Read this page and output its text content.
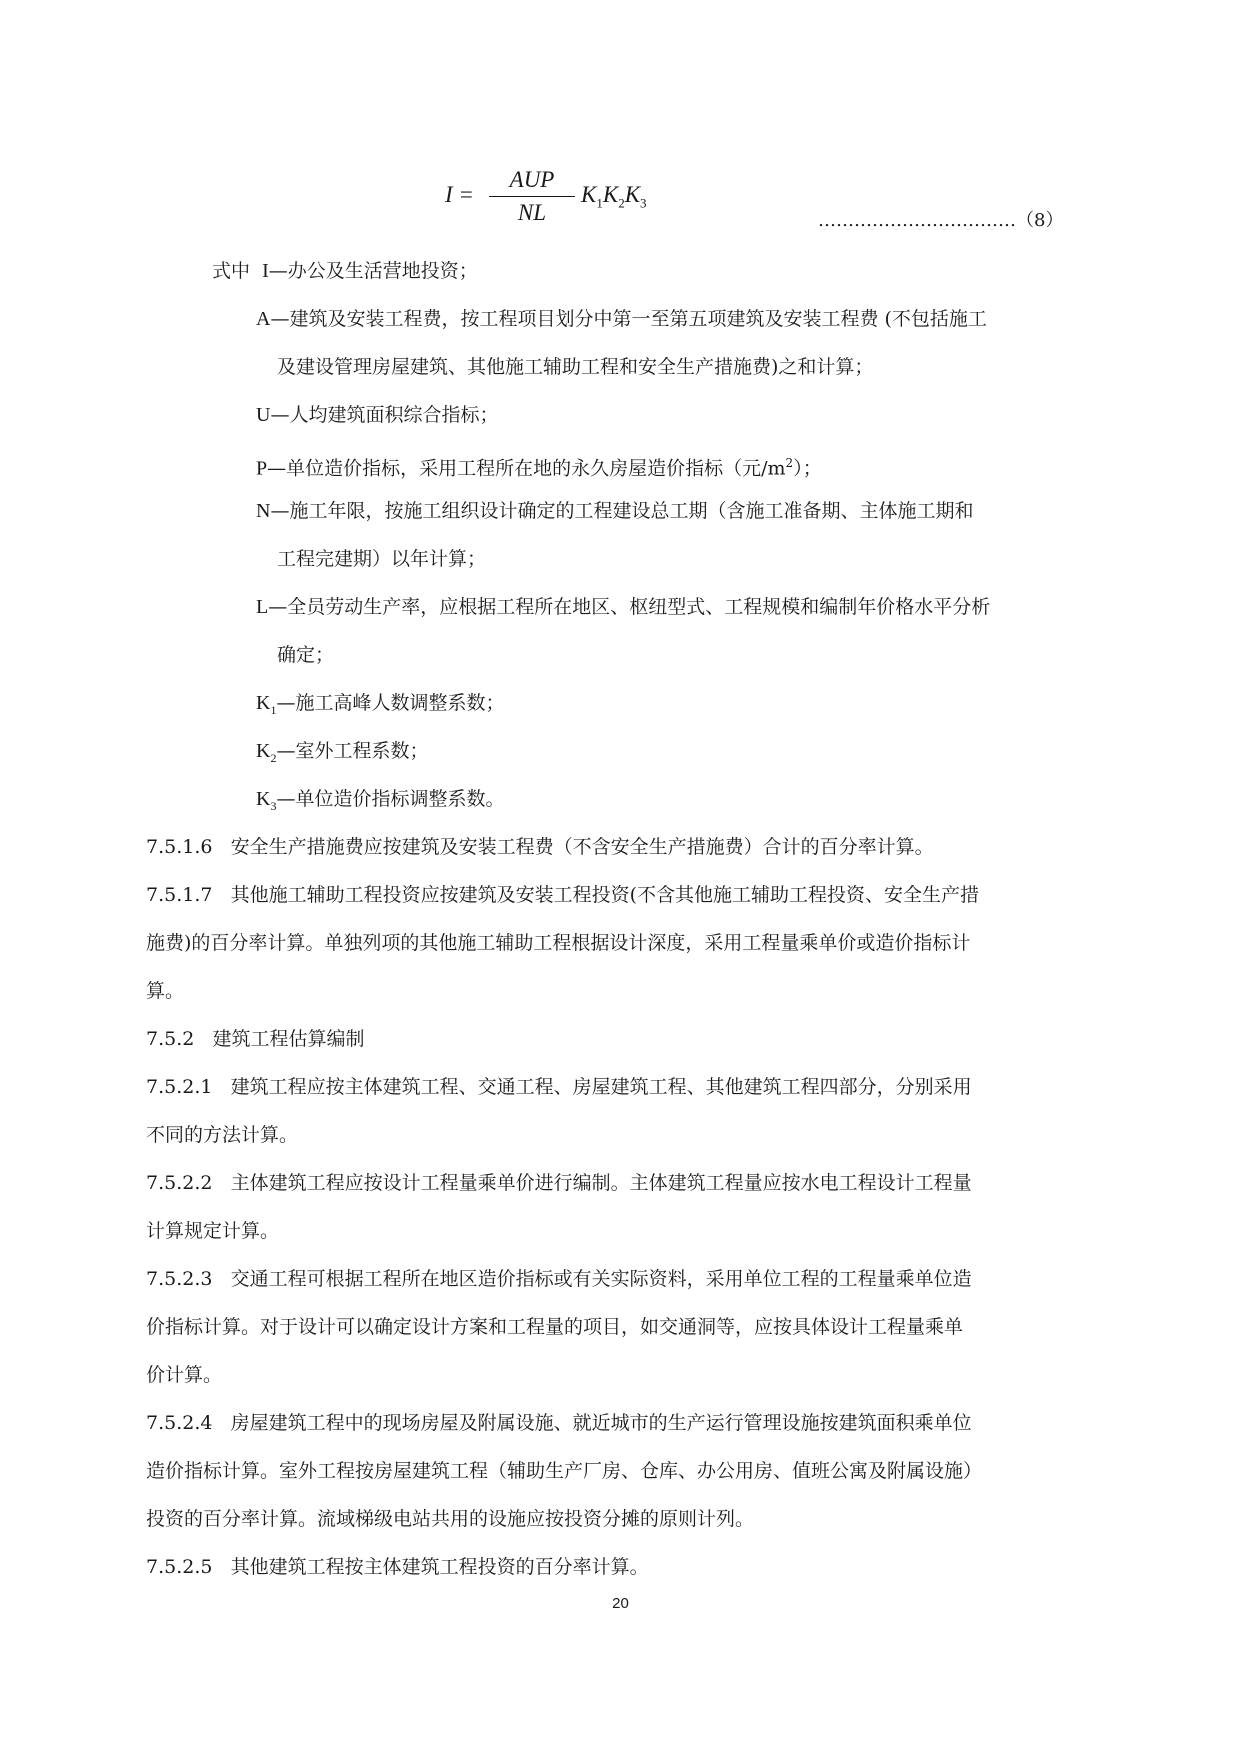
I =
AUP
NL
$K_1K_2K_3$
……………………………（8）
式中 I—办公及生活营地投资；
A—建筑及安装工程费，按工程项目划分中第一至第五项建筑及安装工程费 (不包括施工
及建设管理房屋建筑、其他施工辅助工程和安全生产措施费)之和计算；
U—人均建筑面积综合指标；
P—单位造价指标，采用工程所在地的永久房屋造价指标（元$/m^2$）；
N—施工年限，按施工组织设计确定的工程建设总工期（含施工准备期、主体施工期和
工程完建期）以年计算；
L—全员劳动生产率，应根据工程所在地区、枢纽型式、工程规模和编制年价格水平分析
确定；
$K_1—$施工高峰人数调整系数；
$K_2—$室外工程系数；
$K_3—$单位造价指标调整系数。
7.5.1.6 安全生产措施费应按建筑及安装工程费（不含安全生产措施费）合计的百分率计算。
7.5.1.7 其他施工辅助工程投资应按建筑及安装工程投资(不含其他施工辅助工程投资、安全生产措
施费)的百分率计算。单独列项的其他施工辅助工程根据设计深度，采用工程量乘单价或造价指标计
算。
7.5.2 建筑工程估算编制
7.5.2.1 建筑工程应按主体建筑工程、交通工程、房屋建筑工程、其他建筑工程四部分，分别采用
不同的方法计算。
7.5.2.2 主体建筑工程应按设计工程量乘单价进行编制。主体建筑工程量应按水电工程设计工程量
计算规定计算。
7.5.2.3 交通工程可根据工程所在地区造价指标或有关实际资料，采用单位工程的工程量乘单位造
价指标计算。对于设计可以确定设计方案和工程量的项目，如交通洞等，应按具体设计工程量乘单
价计算。
7.5.2.4 房屋建筑工程中的现场房屋及附属设施、就近城市的生产运行管理设施按建筑面积乘单位
造价指标计算。室外工程按房屋建筑工程（辅助生产厂房、仓库、办公用房、值班公寓及附属设施）
投资的百分率计算。流域梯级电站共用的设施应按投资分摊的原则计列。
7.5.2.5 其他建筑工程按主体建筑工程投资的百分率计算。
20
